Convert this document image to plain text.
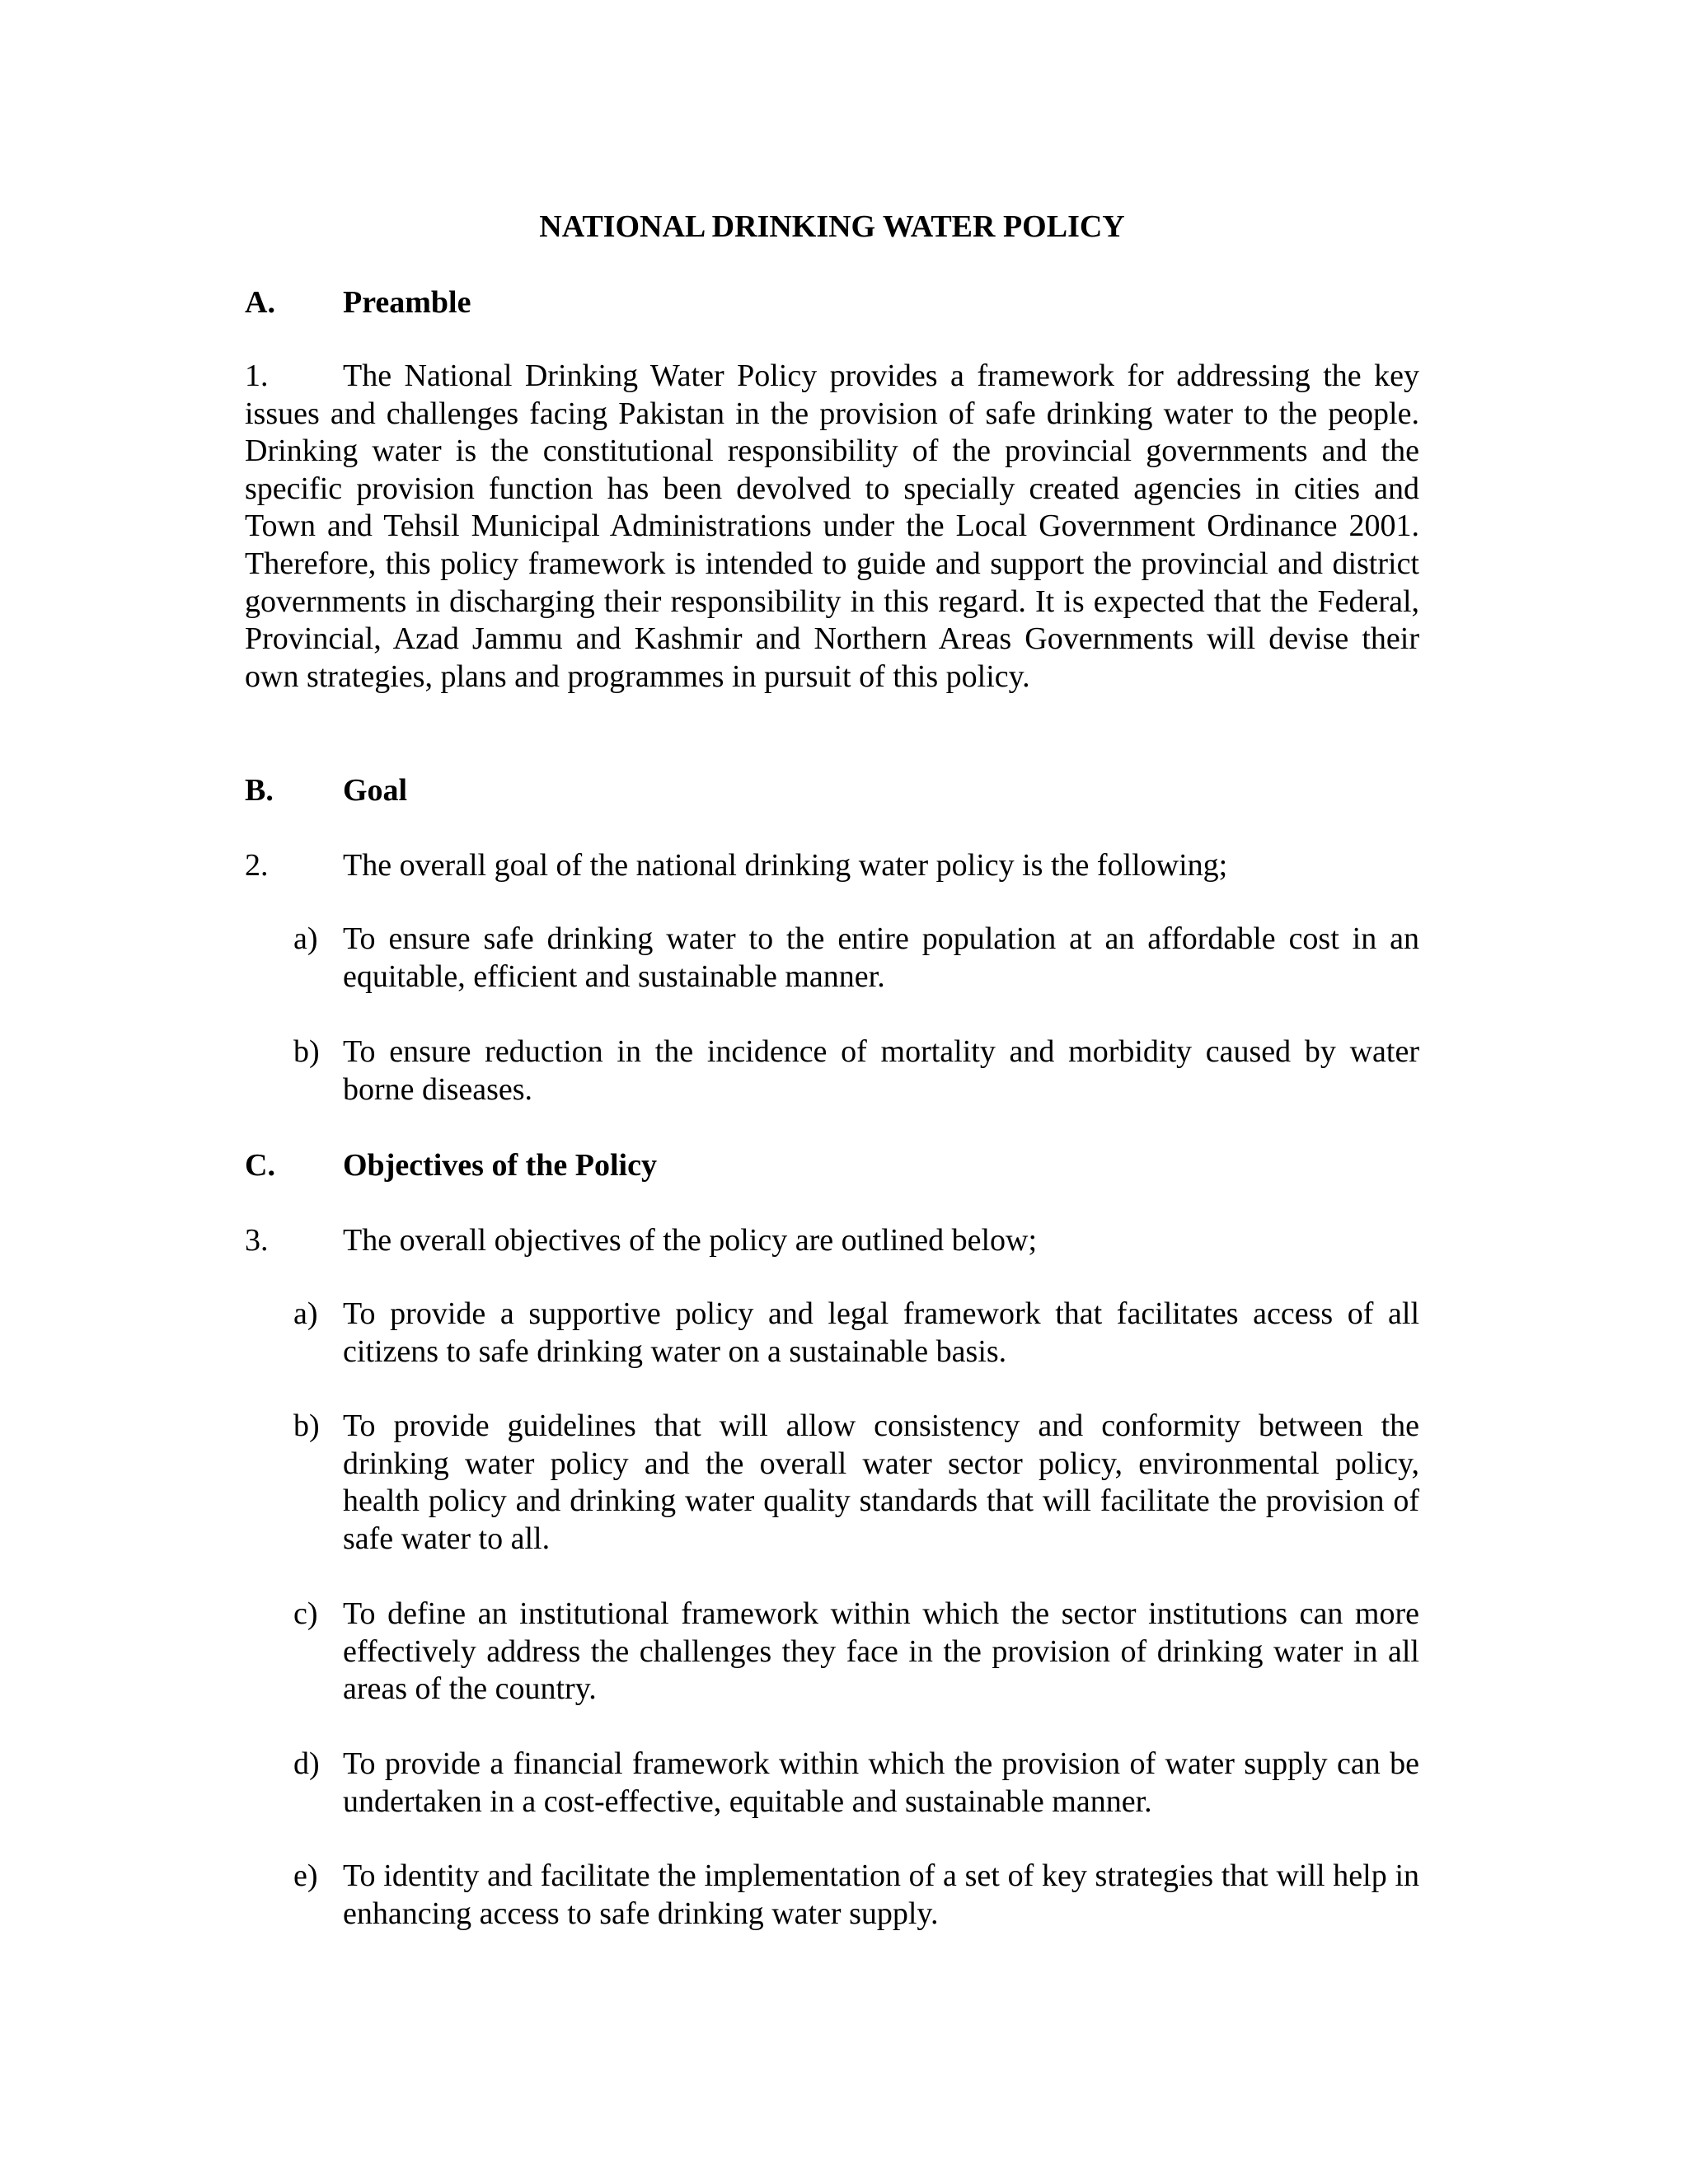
NATIONAL DRINKING WATER POLICY
A. Preamble
1. The National Drinking Water Policy provides a framework for addressing the key issues and challenges facing Pakistan in the provision of safe drinking water to the people. Drinking water is the constitutional responsibility of the provincial governments and the specific provision function has been devolved to specially created agencies in cities and Town and Tehsil Municipal Administrations under the Local Government Ordinance 2001. Therefore, this policy framework is intended to guide and support the provincial and district governments in discharging their responsibility in this regard. It is expected that the Federal, Provincial, Azad Jammu and Kashmir and Northern Areas Governments will devise their own strategies, plans and programmes in pursuit of this policy.
B. Goal
2. The overall goal of the national drinking water policy is the following;
a) To ensure safe drinking water to the entire population at an affordable cost in an equitable, efficient and sustainable manner.
b) To ensure reduction in the incidence of mortality and morbidity caused by water borne diseases.
C. Objectives of the Policy
3. The overall objectives of the policy are outlined below;
a) To provide a supportive policy and legal framework that facilitates access of all citizens to safe drinking water on a sustainable basis.
b) To provide guidelines that will allow consistency and conformity between the drinking water policy and the overall water sector policy, environmental policy, health policy and drinking water quality standards that will facilitate the provision of safe water to all.
c) To define an institutional framework within which the sector institutions can more effectively address the challenges they face in the provision of drinking water in all areas of the country.
d) To provide a financial framework within which the provision of water supply can be undertaken in a cost-effective, equitable and sustainable manner.
e) To identity and facilitate the implementation of a set of key strategies that will help in enhancing access to safe drinking water supply.
